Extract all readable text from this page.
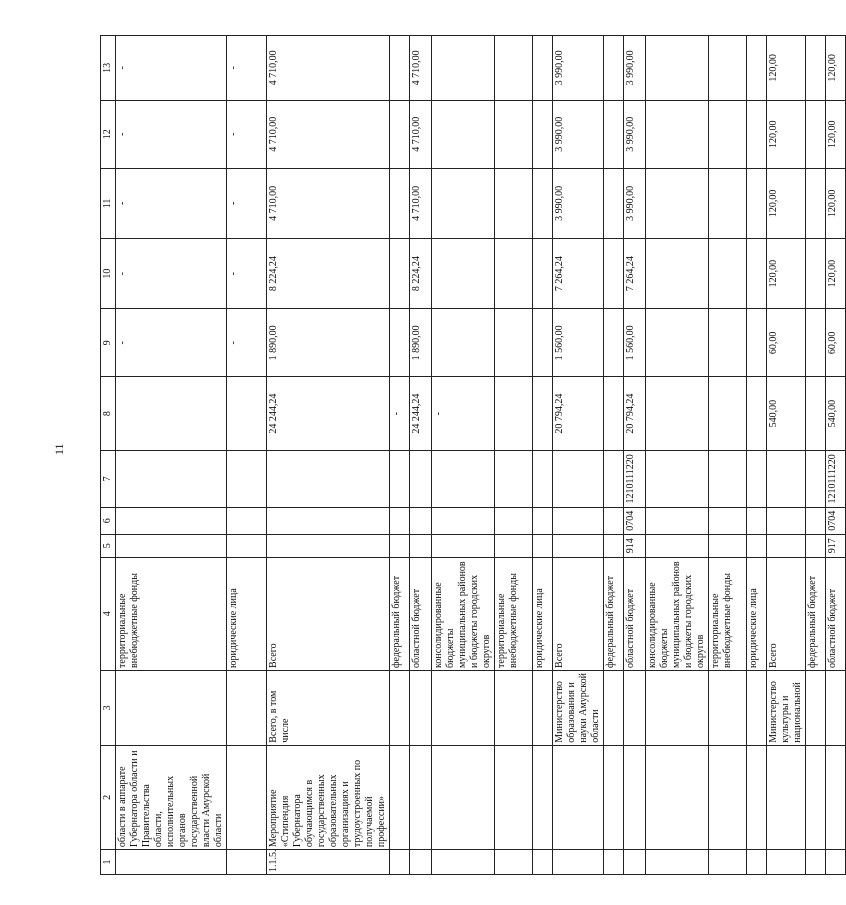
11
1	2	3	4	5	6	7	8	9	10	11	12	13
	области в аппарате Губернатора области и Правительства области, исполнительных органов государственной власти Амурской области		территориальные внебюджетные фонды					-	-	-	-	-
			юридические лица					-	-	-	-	-
1.1.5.	Мероприятие «Стипендия Губернатора обучающимся в государственных образовательных организациях и трудоустроенных по получаемой профессии»	Всего, в том числе	Всего				24 244,24	1 890,00	8 224,24	4 710,00	4 710,00	4 710,00
			федеральный бюджет				-					
			областной бюджет				24 244,24	1 890,00	8 224,24	4 710,00	4 710,00	4 710,00
			консолидированные бюджеты муниципальных районов и бюджеты городских округов				-					
			территориальные внебюджетные фонды									
			юридические лица									
		Министерство образования и науки Амурской области	Всего				20 794,24	1 560,00	7 264,24	3 990,00	3 990,00	3 990,00
			федеральный бюджет									
			областной бюджет	914	0704	1210111220	20 794,24	1 560,00	7 264,24	3 990,00	3 990,00	3 990,00
			консолидированные бюджеты муниципальных районов и бюджеты городских округов									
			территориальные внебюджетные фонды									
			юридические лица									
		Министерство культуры и национальной	Всего				540,00	60,00	120,00	120,00	120,00	120,00
			федеральный бюджет									
			областной бюджет	917	0704	1210111220	540,00	60,00	120,00	120,00	120,00	120,00
